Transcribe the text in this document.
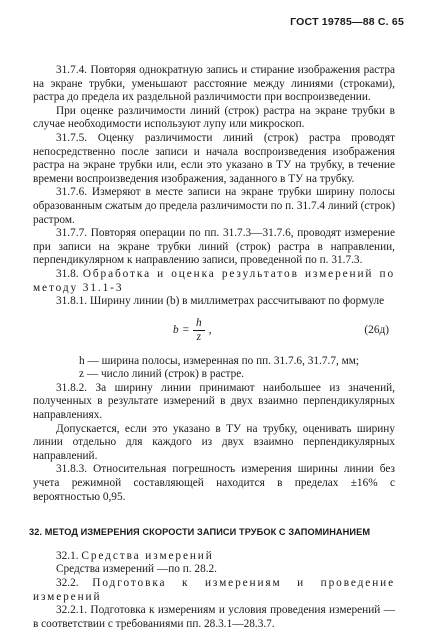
ГОСТ 19785—88 С. 65

31.7.4. Повторяя однократную запись и стирание изображения растра на экране трубки, уменьшают расстояние между линиями (строками), растра до предела их раздельной различимости при воспроизведении.

При оценке различимости линий (строк) растра на экране трубки в случае необходимости используют лупу или микроскоп.

31.7.5. Оценку различимости линий (строк) растра проводят непосредственно после записи и начала воспроизведения изображения растра на экране трубки или, если это указано в ТУ на трубку, в течение времени воспроизведения изображения, заданного в ТУ на трубку.

31.7.6. Измеряют в месте записи на экране трубки ширину полосы образованным сжатым до предела различимости по п. 31.7.4 линий (строк) растром.

31.7.7. Повторяя операции по пп. 31.7.3—31.7.6, проводят измерение при записи на экране трубки линий (строк) растра в направлении, перпендикулярном к направлению записи, проведенной по п. 31.7.3.

31.8. Обработка и оценка результатов измерений по методу 31.1-3

31.8.1. Ширину линии (b) в миллиметрах рассчитывают по формуле

$b = \frac{h}{z}$ ,	(26д)

h — ширина полосы, измеренная по пп. 31.7.6, 31.7.7, мм;

z — число линий (строк) в растре.

31.8.2. За ширину линии принимают наибольшее из значений, полученных в результате измерений в двух взаимно перпендикулярных направлениях.

Допускается, если это указано в ТУ на трубку, оценивать ширину линии отдельно для каждого из двух взаимно перпендикулярных направлений.

31.8.3. Относительная погрешность измерения ширины линии без учета режимной составляющей находится в пределах ±16% с вероятностью 0,95.

32. МЕТОД ИЗМЕРЕНИЯ СКОРОСТИ ЗАПИСИ ТРУБОК С ЗАПОМИНАНИЕМ

32.1. Средства измерений

Средства измерений —по п. 28.2.

32.2. Подготовка к измерениям и проведение измерений

32.2.1. Подготовка к измерениям и условия проведения измерений — в соответствии с требованиями пп. 28.3.1—28.3.7.
